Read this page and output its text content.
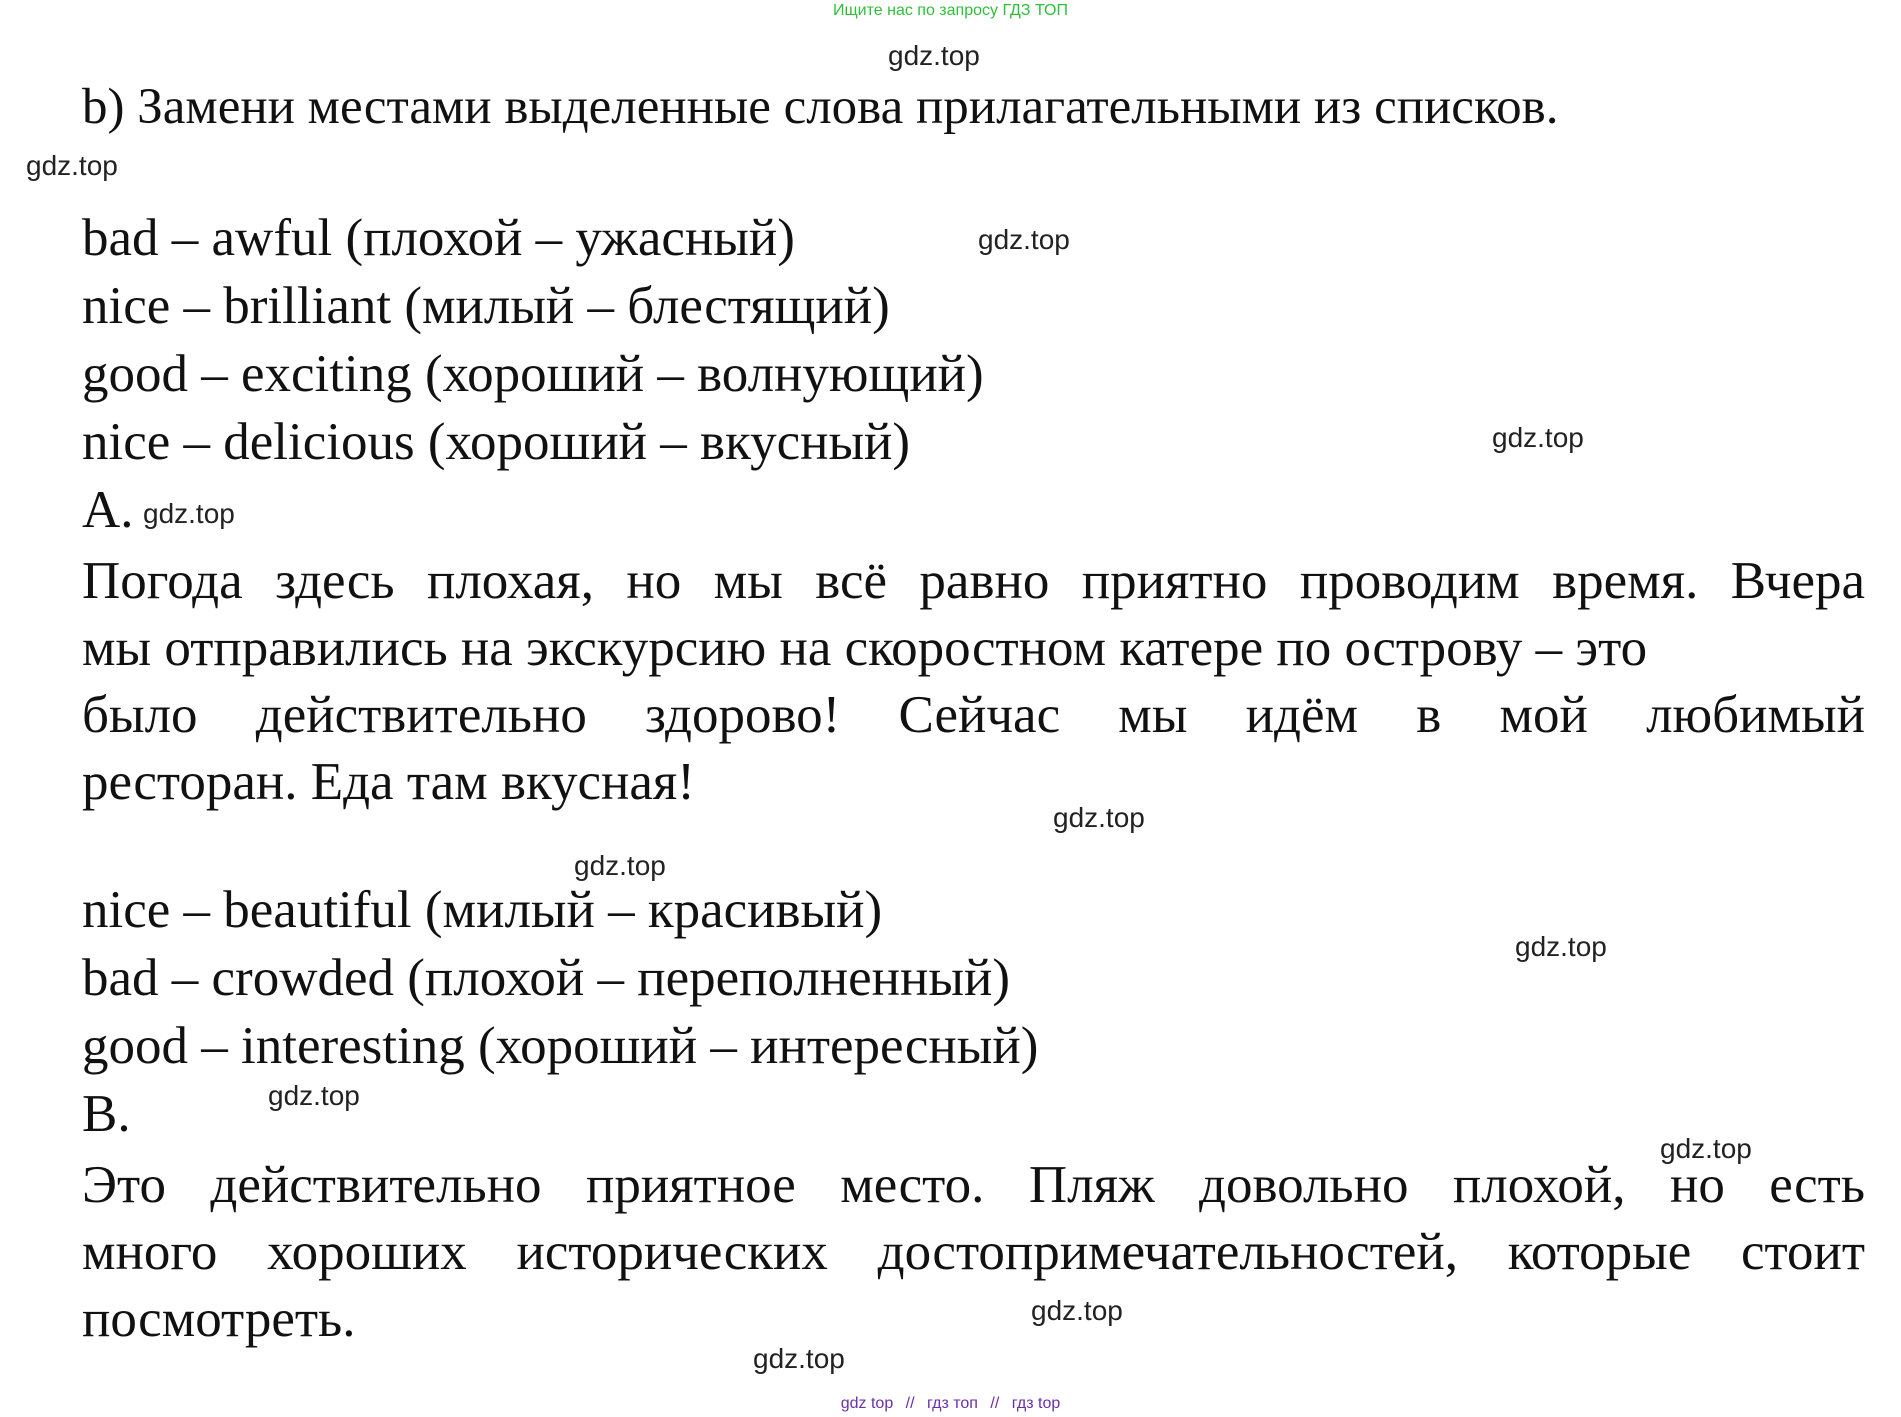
Ищите нас по запросу ГДЗ ТОП
gdz.top
gdz.top
gdz.top
gdz.top
gdz.top
gdz.top
gdz.top
gdz.top
gdz.top
gdz.top
gdz.top
gdz.top
b) Замени местами выделенные слова прилагательными из списков.
bad – awful (плохой – ужасный)
nice – brilliant (милый – блестящий)
good – exciting (хороший – волнующий)
nice – delicious (хороший – вкусный)
A.
Погода здесь плохая, но мы всё равно приятно проводим время. Вчера
мы отправились на экскурсию на скоростном катере по острову – это
было действительно здорово! Сейчас мы идём в мой любимый
ресторан. Еда там вкусная!
nice – beautiful (милый – красивый)
bad – crowded (плохой – переполненный)
good – interesting (хороший – интересный)
B.
Это действительно приятное место. Пляж довольно плохой, но есть
много хороших исторических достопримечательностей, которые стоит
посмотреть.
gdz top // гдз топ // гдз top
